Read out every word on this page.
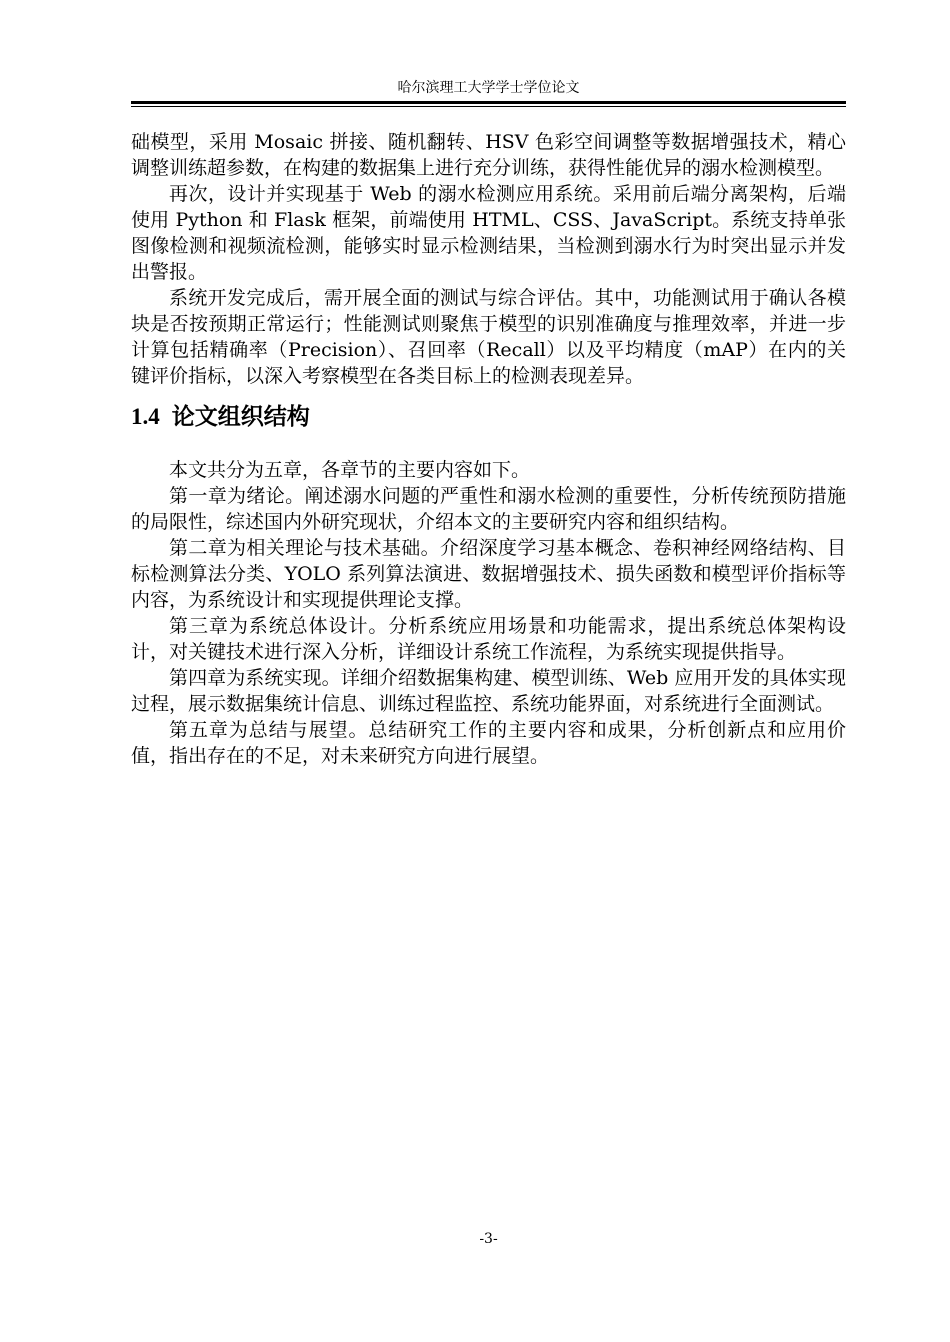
哈尔滨理工大学学士学位论文

础模型，采用 Mosaic 拼接、随机翻转、HSV 色彩空间调整等数据增强技术，精心调整训练超参数，在构建的数据集上进行充分训练，获得性能优异的溺水检测模型。

再次，设计并实现基于 Web 的溺水检测应用系统。采用前后端分离架构，后端使用 Python 和 Flask 框架，前端使用 HTML、CSS、JavaScript。系统支持单张图像检测和视频流检测，能够实时显示检测结果，当检测到溺水行为时突出显示并发出警报。

系统开发完成后，需开展全面的测试与综合评估。其中，功能测试用于确认各模块是否按预期正常运行；性能测试则聚焦于模型的识别准确度与推理效率，并进一步计算包括精确率（Precision）、召回率（Recall）以及平均精度（mAP）在内的关键评价指标，以深入考察模型在各类目标上的检测表现差异。

1.4 论文组织结构

本文共分为五章，各章节的主要内容如下。

第一章为绪论。阐述溺水问题的严重性和溺水检测的重要性，分析传统预防措施的局限性，综述国内外研究现状，介绍本文的主要研究内容和组织结构。

第二章为相关理论与技术基础。介绍深度学习基本概念、卷积神经网络结构、目标检测算法分类、YOLO 系列算法演进、数据增强技术、损失函数和模型评价指标等内容，为系统设计和实现提供理论支撑。

第三章为系统总体设计。分析系统应用场景和功能需求，提出系统总体架构设计，对关键技术进行深入分析，详细设计系统工作流程，为系统实现提供指导。

第四章为系统实现。详细介绍数据集构建、模型训练、Web 应用开发的具体实现过程，展示数据集统计信息、训练过程监控、系统功能界面，对系统进行全面测试。

第五章为总结与展望。总结研究工作的主要内容和成果，分析创新点和应用价值，指出存在的不足，对未来研究方向进行展望。

-3-
